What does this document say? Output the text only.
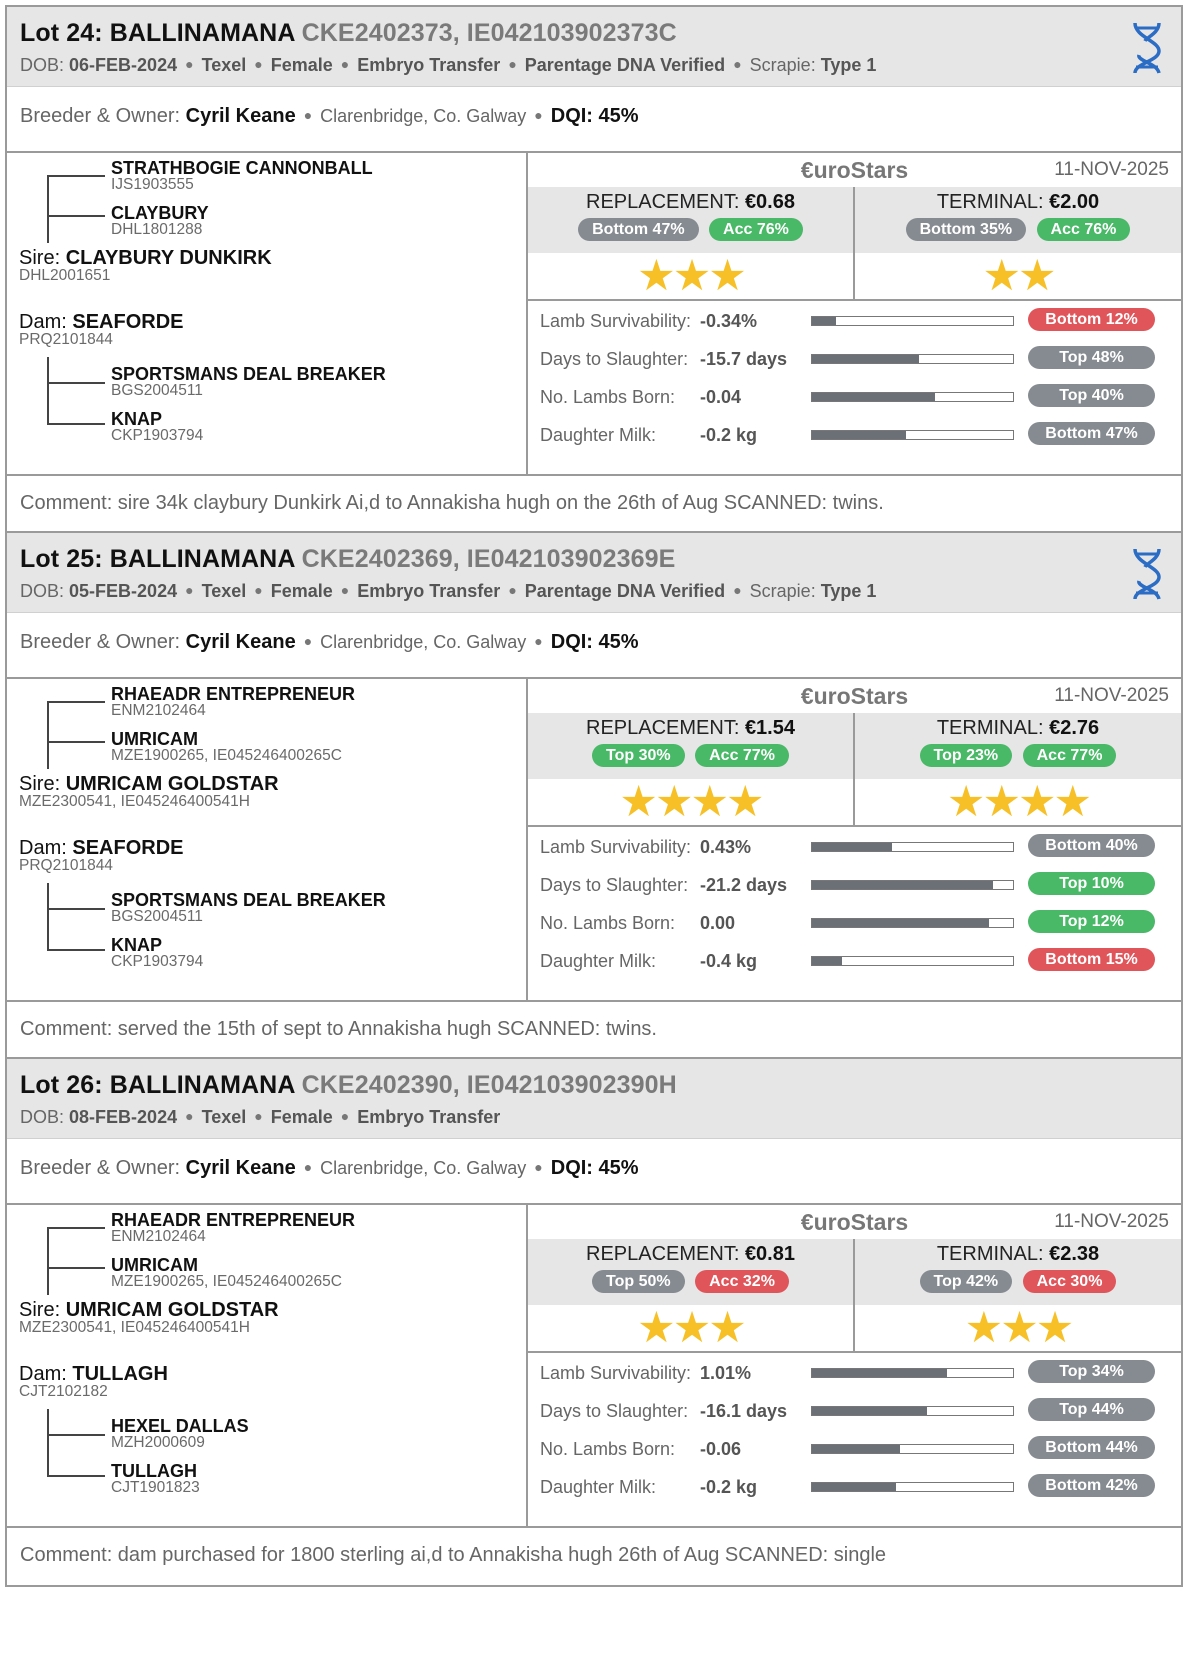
Lot 24: BALLINAMANA CKE2402373, IE042103902373C
DOB: 06-FEB-2024 ● Texel ● Female ● Embryo Transfer ● Parentage DNA Verified ● Scrapie: Type 1
Breeder & Owner: Cyril Keane ● Clarenbridge, Co. Galway ● DQI: 45%
STRATHBOGIE CANNONBALL
IJS1903555
CLAYBURY
DHL1801288
Sire: CLAYBURY DUNKIRK
DHL2001651
Dam: SEAFORDE
PRQ2101844
SPORTSMANS DEAL BREAKER
BGS2004511
KNAP
CKP1903794
€uroStars	11-NOV-2025
REPLACEMENT: €0.68
Bottom 47% Acc 76%
★★★
TERMINAL: €2.00
Bottom 35% Acc 76%
★★
Lamb Survivability: -0.34%	Bottom 12%
Days to Slaughter: -15.7 days	Top 48%
No. Lambs Born: -0.04	Top 40%
Daughter Milk: -0.2 kg	Bottom 47%
Comment: sire 34k claybury Dunkirk Ai,d to Annakisha hugh on the 26th of Aug SCANNED: twins.
Lot 25: BALLINAMANA CKE2402369, IE042103902369E
DOB: 05-FEB-2024 ● Texel ● Female ● Embryo Transfer ● Parentage DNA Verified ● Scrapie: Type 1
Breeder & Owner: Cyril Keane ● Clarenbridge, Co. Galway ● DQI: 45%
RHAEADR ENTREPRENEUR
ENM2102464
UMRICAM
MZE1900265, IE045246400265C
Sire: UMRICAM GOLDSTAR
MZE2300541, IE045246400541H
Dam: SEAFORDE
PRQ2101844
SPORTSMANS DEAL BREAKER
BGS2004511
KNAP
CKP1903794
€uroStars	11-NOV-2025
REPLACEMENT: €1.54
Top 30% Acc 77%
★★★★
TERMINAL: €2.76
Top 23% Acc 77%
★★★★
Lamb Survivability: 0.43%	Bottom 40%
Days to Slaughter: -21.2 days	Top 10%
No. Lambs Born: 0.00	Top 12%
Daughter Milk: -0.4 kg	Bottom 15%
Comment: served the 15th of sept to Annakisha hugh SCANNED: twins.
Lot 26: BALLINAMANA CKE2402390, IE042103902390H
DOB: 08-FEB-2024 ● Texel ● Female ● Embryo Transfer
Breeder & Owner: Cyril Keane ● Clarenbridge, Co. Galway ● DQI: 45%
RHAEADR ENTREPRENEUR
ENM2102464
UMRICAM
MZE1900265, IE045246400265C
Sire: UMRICAM GOLDSTAR
MZE2300541, IE045246400541H
Dam: TULLAGH
CJT2102182
HEXEL DALLAS
MZH2000609
TULLAGH
CJT1901823
€uroStars	11-NOV-2025
REPLACEMENT: €0.81
Top 50% Acc 32%
★★★
TERMINAL: €2.38
Top 42% Acc 30%
★★★
Lamb Survivability: 1.01%	Top 34%
Days to Slaughter: -16.1 days	Top 44%
No. Lambs Born: -0.06	Bottom 44%
Daughter Milk: -0.2 kg	Bottom 42%
Comment: dam purchased for 1800 sterling ai,d to Annakisha hugh 26th of Aug SCANNED: single
